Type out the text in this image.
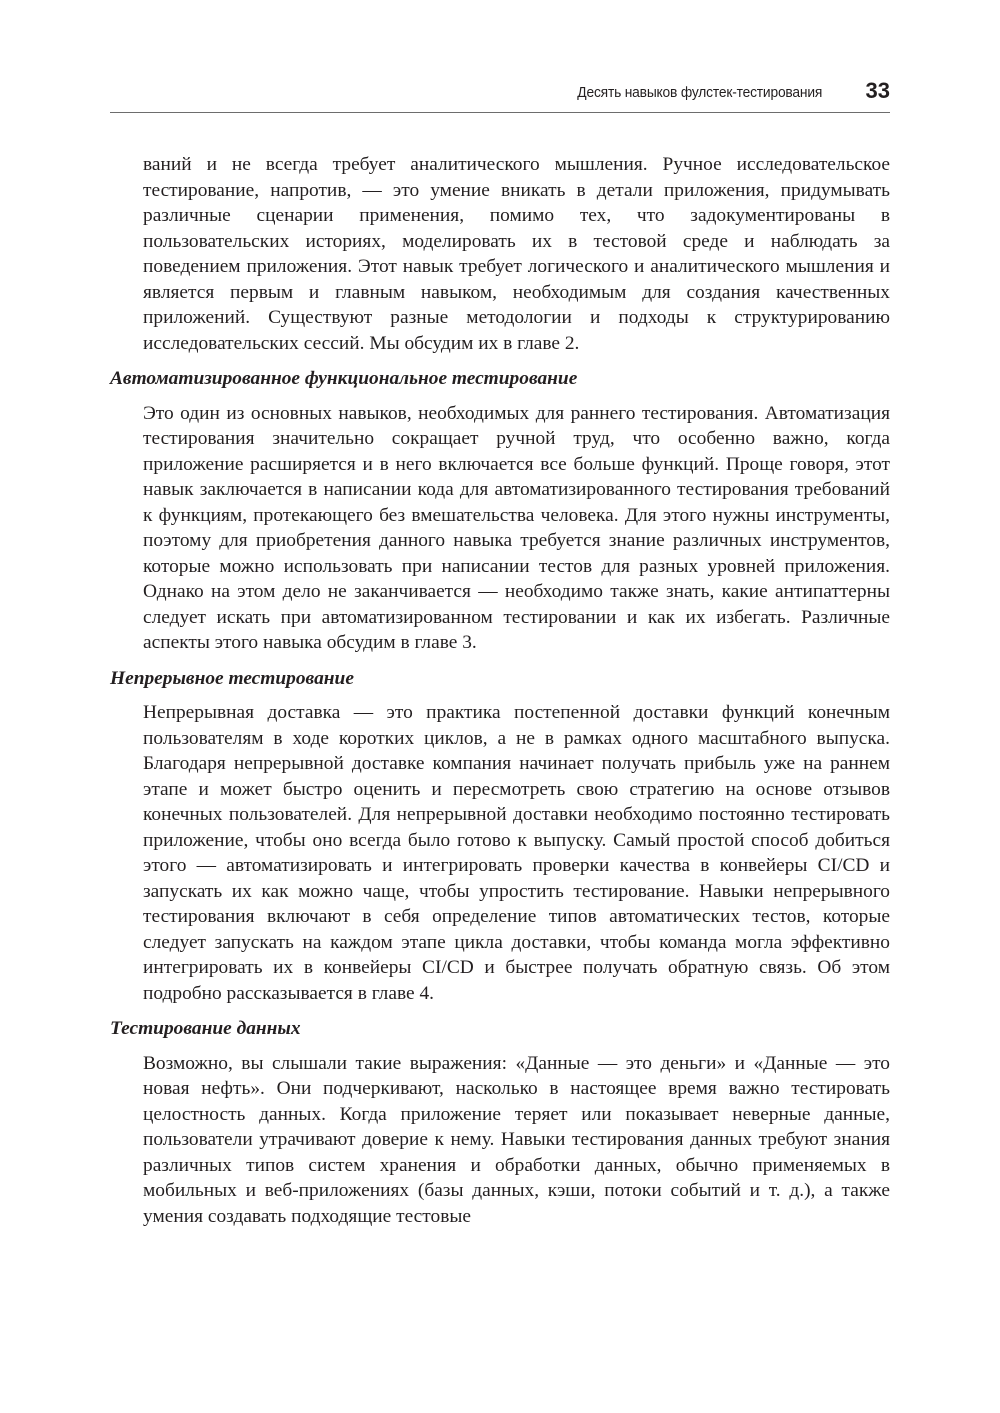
Десять навыков фулстек-тестирования 33

ваний и не всегда требует аналитического мышления. Ручное исследовательское тестирование, напротив, — это умение вникать в детали приложения, придумывать различные сценарии применения, помимо тех, что задокументированы в пользовательских историях, моделировать их в тестовой среде и наблюдать за поведением приложения. Этот навык требует логического и аналитического мышления и является первым и главным навыком, необходимым для создания качественных приложений. Существуют разные методологии и подходы к структурированию исследовательских сессий. Мы обсудим их в главе 2.

Автоматизированное функциональное тестирование

Это один из основных навыков, необходимых для раннего тестирования. Автоматизация тестирования значительно сокращает ручной труд, что особенно важно, когда приложение расширяется и в него включается все больше функций. Проще говоря, этот навык заключается в написании кода для автоматизированного тестирования требований к функциям, протекающего без вмешательства человека. Для этого нужны инструменты, поэтому для приобретения данного навыка требуется знание различных инструментов, которые можно использовать при написании тестов для разных уровней приложения. Однако на этом дело не заканчивается — необходимо также знать, какие антипаттерны следует искать при автоматизированном тестировании и как их избегать. Различные аспекты этого навыка обсудим в главе 3.

Непрерывное тестирование

Непрерывная доставка — это практика постепенной доставки функций конечным пользователям в ходе коротких циклов, а не в рамках одного масштабного выпуска. Благодаря непрерывной доставке компания начинает получать прибыль уже на раннем этапе и может быстро оценить и пересмотреть свою стратегию на основе отзывов конечных пользователей. Для непрерывной доставки необходимо постоянно тестировать приложение, чтобы оно всегда было готово к выпуску. Самый простой способ добиться этого — автоматизировать и интегрировать проверки качества в конвейеры CI/CD и запускать их как можно чаще, чтобы упростить тестирование. Навыки непрерывного тестирования включают в себя определение типов автоматических тестов, которые следует запускать на каждом этапе цикла доставки, чтобы команда могла эффективно интегрировать их в конвейеры CI/CD и быстрее получать обратную связь. Об этом подробно рассказывается в главе 4.

Тестирование данных

Возможно, вы слышали такие выражения: «Данные — это деньги» и «Данные — это новая нефть». Они подчеркивают, насколько в настоящее время важно тестировать целостность данных. Когда приложение теряет или показывает неверные данные, пользователи утрачивают доверие к нему. Навыки тестирования данных требуют знания различных типов систем хранения и обработки данных, обычно применяемых в мобильных и веб-приложениях (базы данных, кэши, потоки событий и т. д.), а также умения создавать подходящие тестовые
